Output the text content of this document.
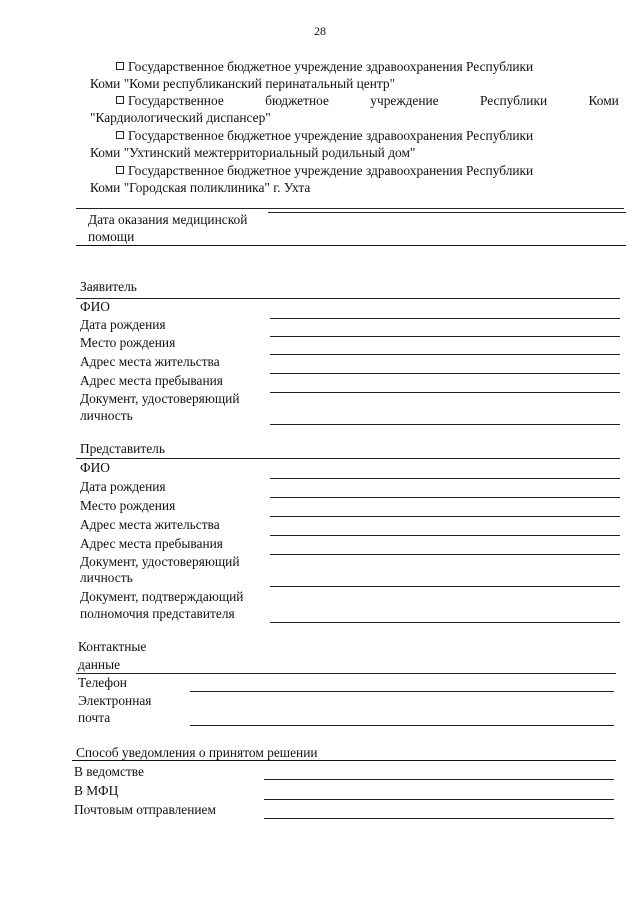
28
Государственное бюджетное учреждение здравоохранения Республики
Коми "Коми республиканский перинатальный центр"
Государственное бюджетное учреждение Республики Коми
"Кардиологический диспансер"
Государственное бюджетное учреждение здравоохранения Республики
Коми "Ухтинский межтерриториальный родильный дом"
Государственное бюджетное учреждение здравоохранения Республики
Коми "Городская поликлиника" г. Ухта
Дата оказания медицинской
помощи
Заявитель
ФИО
Дата рождения
Место рождения
Адрес места жительства
Адрес места пребывания
Документ, удостоверяющий
личность
Представитель
ФИО
Дата рождения
Место рождения
Адрес места жительства
Адрес места пребывания
Документ, удостоверяющий
личность
Документ, подтверждающий
полномочия представителя
Контактные
данные
Телефон
Электронная
почта
Способ уведомления о принятом решении
В ведомстве
В МФЦ
Почтовым отправлением
